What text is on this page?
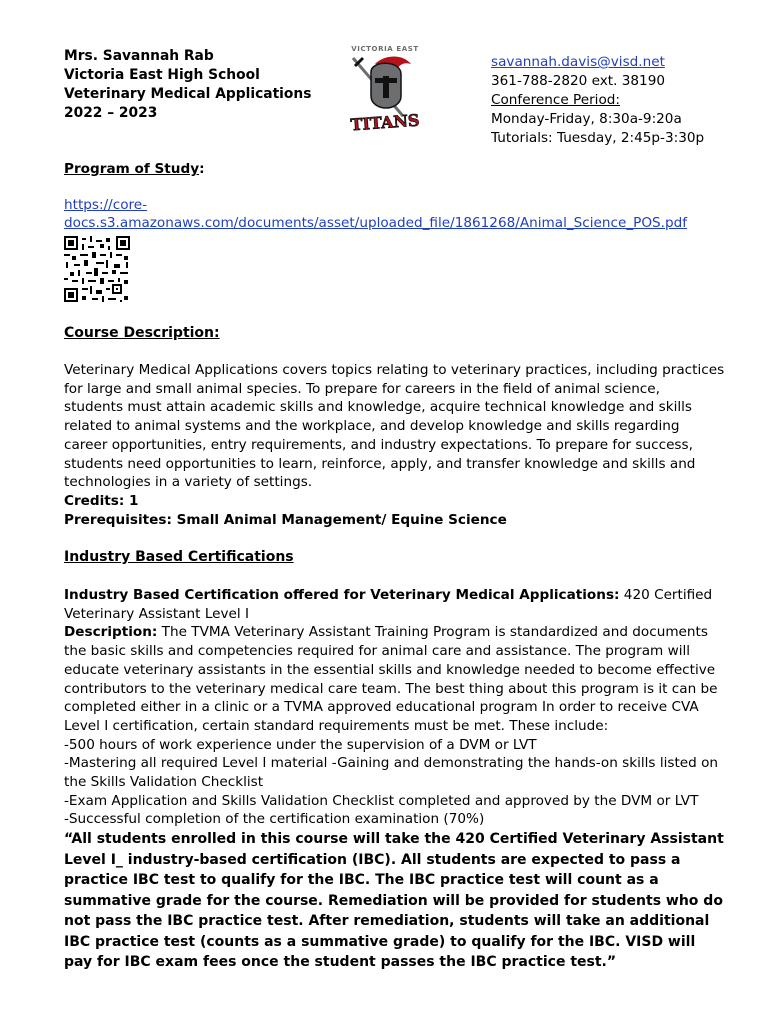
Mrs. Savannah Rab
Victoria East High School
Veterinary Medical Applications
2022 – 2023
VICTORIA EAST
TITANS
savannah.davis@visd.net
361-788-2820 ext. 38190
Conference Period:
Monday-Friday, 8:30a-9:20a
Tutorials: Tuesday, 2:45p-3:30p
Program of Study:
https://core-
docs.s3.amazonaws.com/documents/asset/uploaded_file/1861268/Animal_Science_POS.pdf
Course Description:
Veterinary Medical Applications covers topics relating to veterinary practices, including practices
for large and small animal species. To prepare for careers in the field of animal science,
students must attain academic skills and knowledge, acquire technical knowledge and skills
related to animal systems and the workplace, and develop knowledge and skills regarding
career opportunities, entry requirements, and industry expectations. To prepare for success,
students need opportunities to learn, reinforce, apply, and transfer knowledge and skills and
technologies in a variety of settings.
Credits: 1
Prerequisites: Small Animal Management/ Equine Science
Industry Based Certifications
Industry Based Certification offered for Veterinary Medical Applications: 420 Certified
Veterinary Assistant Level I
Description: The TVMA Veterinary Assistant Training Program is standardized and documents
the basic skills and competencies required for animal care and assistance. The program will
educate veterinary assistants in the essential skills and knowledge needed to become effective
contributors to the veterinary medical care team. The best thing about this program is it can be
completed either in a clinic or a TVMA approved educational program In order to receive CVA
Level I certification, certain standard requirements must be met. These include:
-500 hours of work experience under the supervision of a DVM or LVT
-Mastering all required Level I material -Gaining and demonstrating the hands-on skills listed on
the Skills Validation Checklist
-Exam Application and Skills Validation Checklist completed and approved by the DVM or LVT
-Successful completion of the certification examination (70%)
“All students enrolled in this course will take the 420 Certified Veterinary Assistant
Level I_ industry-based certification (IBC). All students are expected to pass a
practice IBC test to qualify for the IBC. The IBC practice test will count as a
summative grade for the course. Remediation will be provided for students who do
not pass the IBC practice test. After remediation, students will take an additional
IBC practice test (counts as a summative grade) to qualify for the IBC. VISD will
pay for IBC exam fees once the student passes the IBC practice test.”
